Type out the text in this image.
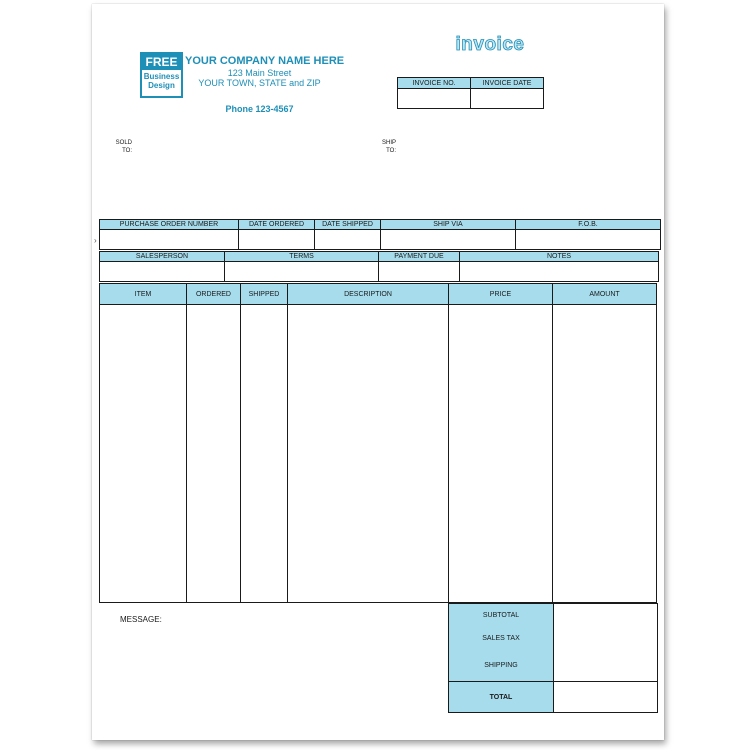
FREE
Business
Design
YOUR COMPANY NAME HERE
123 Main Street
YOUR TOWN, STATE and ZIP
Phone 123-4567
invoice
INVOICE NO.	INVOICE DATE

SOLD
TO:
SHIP
TO:
›
PURCHASE ORDER NUMBER	DATE ORDERED	DATE SHIPPED	SHIP VIA	F.O.B.

SALESPERSON	TERMS	PAYMENT DUE	NOTES

ITEM	ORDERED	SHIPPED	DESCRIPTION	PRICE	AMOUNT

MESSAGE:	SUBTOTAL	
SALES TAX	
SHIPPING	
TOTAL	
